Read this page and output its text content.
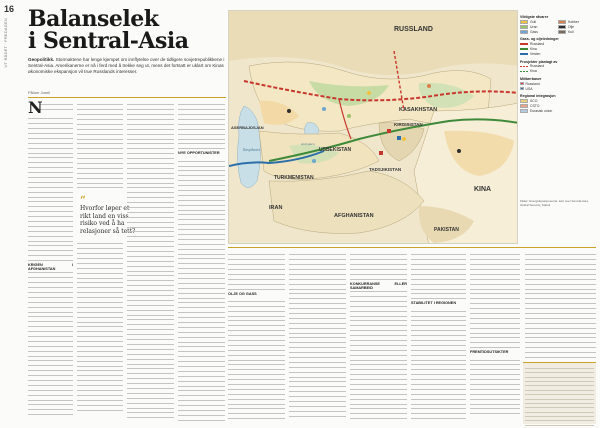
16
UT RÅDET · FREDAGEN Balanselek
i Sentral-Asia
Geopolitikk. Stormaktene har lenge kjempet om innflytelse over de tidligere sovjetrepublikkene i Sentral-Asia. Amerikanerne er nå i ferd med å trekke seg ut, mens det fortsatt er uklart om Kinas økonomiske ekspansjon vil true Russlands interesser.
Pålum Joreli
N
KRIGEN I AFGHANISTAN
“
Hvorfor løper et rikt land en viss risiko ved å ha relasjoner så tett?
NYE OPPORTUNISTER
RUSSLAND
KASAKHSTAN
USBEKISTAN
TURKMENISTAN
KIRGISISTAN
TADSJIKISTAN
AFGHANISTAN
IRAN
KINA
PAKISTAN
ASERBAJDSJAN
Kaspihavet
Aralsjøen
Viktigste råvarer
Gull	Kobber
Uran	Olje
Gass	Kull
Gass- og oljeledninger
Russland
Kina
Vesten
Prosjekter planlagt av
Russland
Kina
Militærbaser
Russland
USA
Regional integrasjon
SCO
CSTO
Eurasisk union
Kilder: Energidepartementet, kart over Sentral-Asia, Global Security, Statoil.
OLJE OG GASS
KONKURRANSE ELLER SAMARBEID
STABILITET I REGIONEN
FREMTIDSUTSIKTER
